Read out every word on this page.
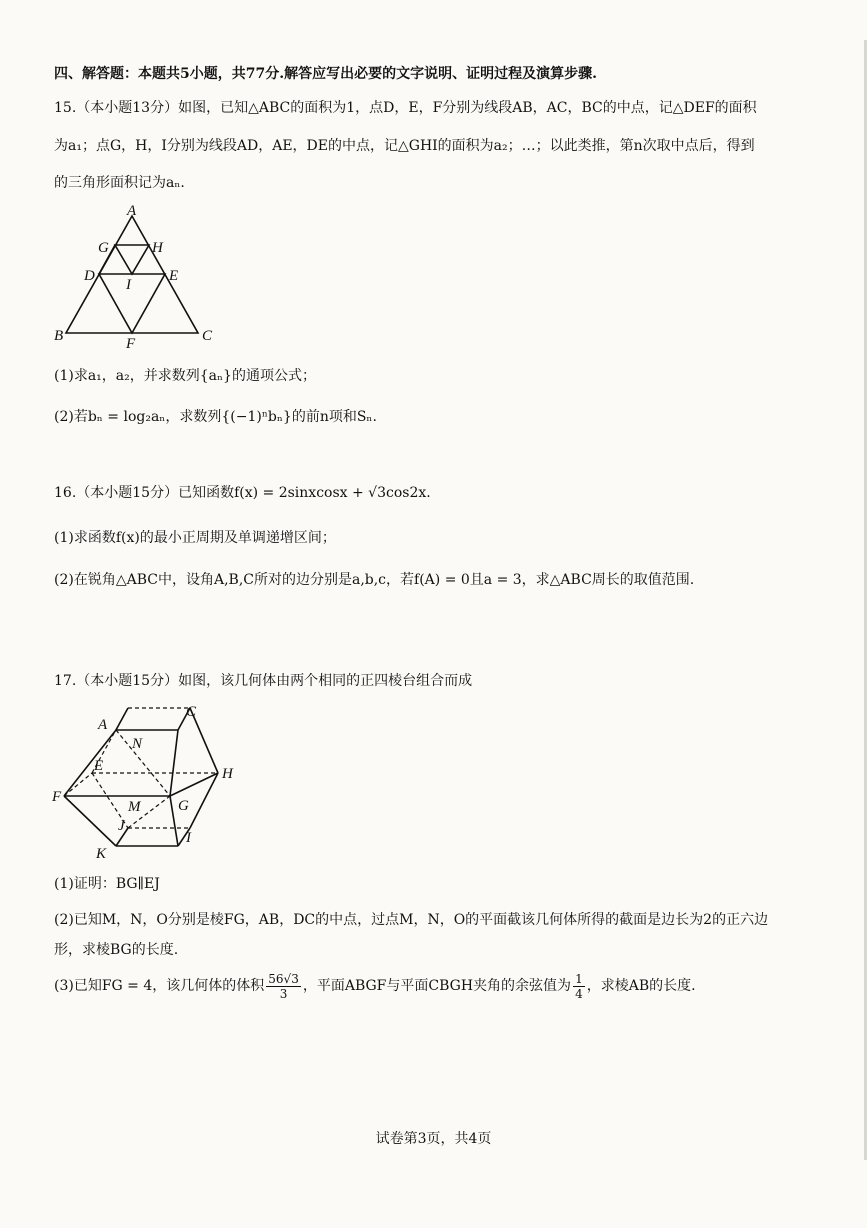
四、解答题：本题共5小题，共77分.解答应写出必要的文字说明、证明过程及演算步骤.
15.（本小题13分）如图，已知△ABC的面积为1，点D，E，F分别为线段AB，AC，BC的中点，记△DEF的面积
为a₁；点G，H，I分别为线段AD，AE，DE的中点，记△GHI的面积为a₂；…；以此类推，第n次取中点后，得到
的三角形面积记为aₙ.
A
G	H
D	E
I
B	C
F
(1)求a₁，a₂，并求数列{aₙ}的通项公式；
(2)若bₙ = log₂aₙ，求数列{(−1)ⁿbₙ}的前n项和Sₙ.
16.（本小题15分）已知函数f(x) = 2sinxcosx + √3cos2x.
(1)求函数f(x)的最小正周期及单调递增区间；
(2)在锐角△ABC中，设角A,B,C所对的边分别是a,b,c，若f(A) = 0且a = 3，求△ABC周长的取值范围.
17.（本小题15分）如图，该几何体由两个相同的正四棱台组合而成
A
C
N
E	H
F
M	G
J
I
K
(1)证明：BG∥EJ
(2)已知M，N，O分别是棱FG，AB，DC的中点，过点M，N，O的平面截该几何体所得的截面是边长为2的正六边
形，求棱BG的长度.
(3)已知FG = 4，该几何体的体积 $\frac{56√3}{3}$ ，平面ABGF与平面CBGH夹角的余弦值为 $\frac{1}{4}$ ，求棱AB的长度.
试卷第3页，共4页
